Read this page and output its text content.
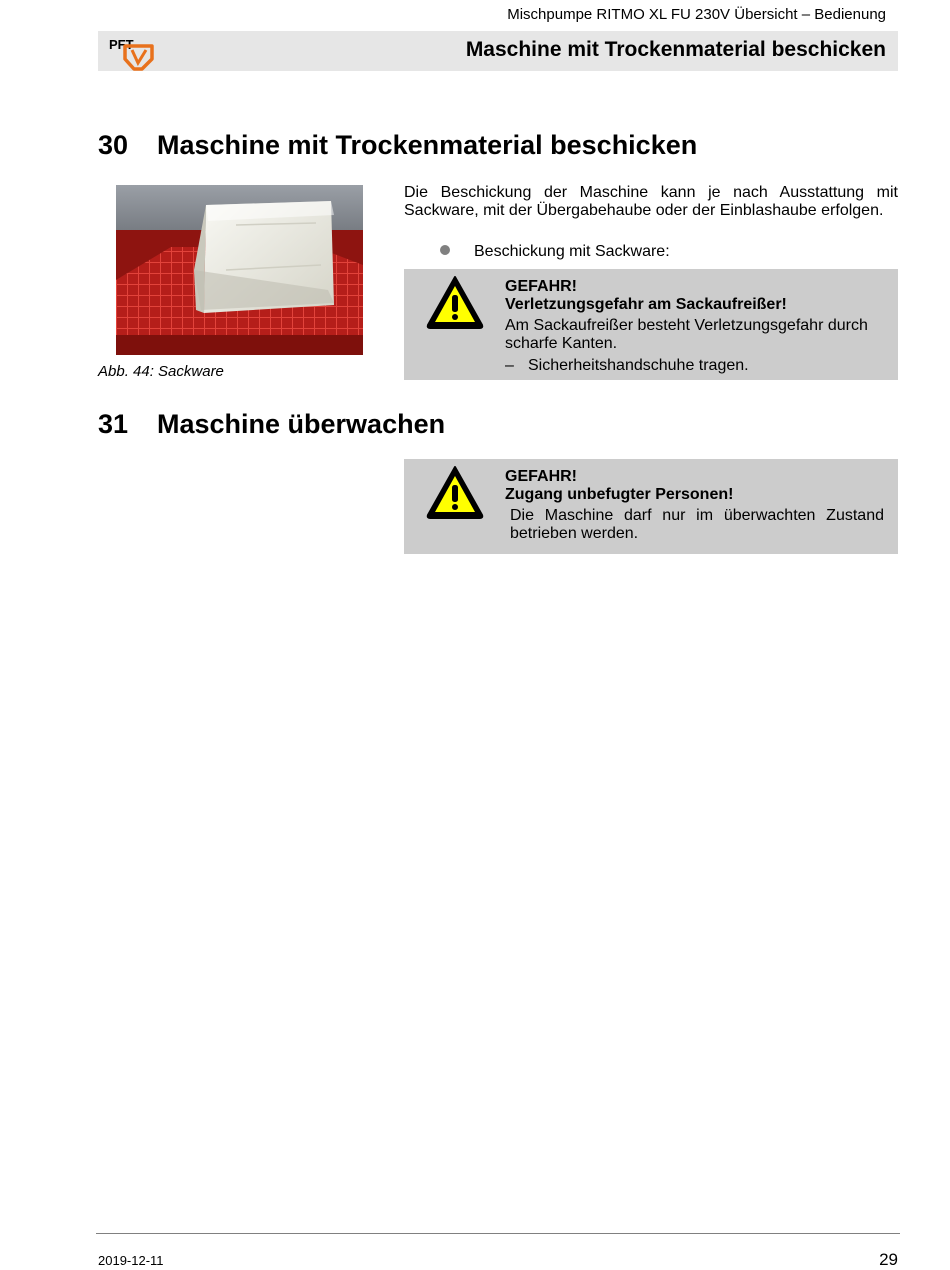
Mischpumpe RITMO XL FU 230V Übersicht – Bedienung
PFT	Maschine mit Trockenmaterial beschicken
30 Maschine mit Trockenmaterial beschicken
Abb. 44: Sackware

Die Beschickung der Maschine kann je nach Ausstattung mit Sackware, mit der Übergabehaube oder der Einblashaube erfolgen.

Beschickung mit Sackware:
GEFAHR!
Verletzungsgefahr am Sackaufreißer!
Am Sackaufreißer besteht Verletzungsgefahr durch scharfe Kanten.
– Sicherheitshandschuhe tragen.
31 Maschine überwachen
GEFAHR!
Zugang unbefugter Personen!
Die Maschine darf nur im überwachten Zustand betrieben werden.
2019-12-11	29
